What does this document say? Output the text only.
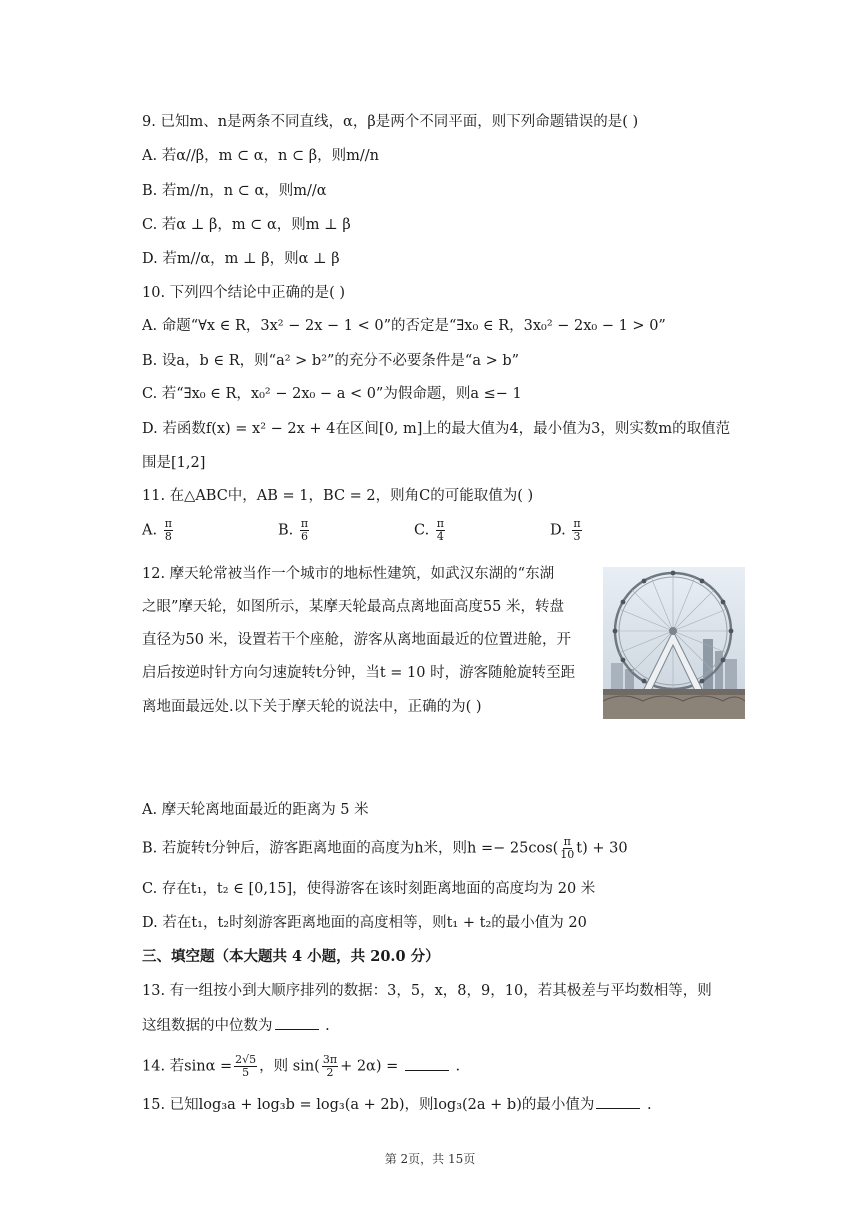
9. 已知m、n是两条不同直线，α，β是两个不同平面，则下列命题错误的是( )
A. 若α//β，m ⊂ α，n ⊂ β，则m//n
B. 若m//n，n ⊂ α，则m//α
C. 若α ⊥ β，m ⊂ α，则m ⊥ β
D. 若m//α，m ⊥ β，则α ⊥ β
10. 下列四个结论中正确的是( )
A. 命题“∀x ∈ R，3x² − 2x − 1 < 0”的否定是“∃x₀ ∈ R，3x₀² − 2x₀ − 1 > 0”
B. 设a，b ∈ R，则“a² > b²”的充分不必要条件是“a > b”
C. 若“∃x₀ ∈ R，x₀² − 2x₀ − a < 0”为假命题，则a ≤− 1
D. 若函数f(x) = x² − 2x + 4在区间[0, m]上的最大值为4，最小值为3，则实数m的取值范
围是[1,2]
11. 在△ABC中，AB = 1，BC = 2，则角C的可能取值为( )
A. $\frac{\pi}{8}$	B. $\frac{\pi}{6}$	C. $\frac{\pi}{4}$	D. $\frac{\pi}{3}$
12. 摩天轮常被当作一个城市的地标性建筑，如武汉东湖的“东湖
之眼”摩天轮，如图所示，某摩天轮最高点离地面高度55 米，转盘
直径为50 米，设置若干个座舱，游客从离地面最近的位置进舱，开
启后按逆时针方向匀速旋转t分钟，当t = 10 时，游客随舱旋转至距
离地面最远处.以下关于摩天轮的说法中，正确的为( )
A. 摩天轮离地面最近的距离为 5 米
B. 若旋转t分钟后，游客距离地面的高度为h米，则$h =- 25\cos( \frac{\pi}{10} t) + 30$
C. 存在t₁，t₂ ∈ [0,15]，使得游客在该时刻距离地面的高度均为 20 米
D. 若在t₁，t₂时刻游客距离地面的高度相等，则t₁ + t₂的最小值为 20
三、填空题（本大题共 4 小题，共 20.0 分）
13. 有一组按小到大顺序排列的数据：3，5，x，8，9，10，若其极差与平均数相等，则
这组数据的中位数为	.
14. 若$\sin\alpha = \frac{2√5}{5}$ ，则 $\sin( \frac{3\pi}{2} + 2\alpha)$ =	.
15. 已知log₃a + log₃b = log₃(a + 2b)，则log₃(2a + b)的最小值为	.
第 2页，共 15页
